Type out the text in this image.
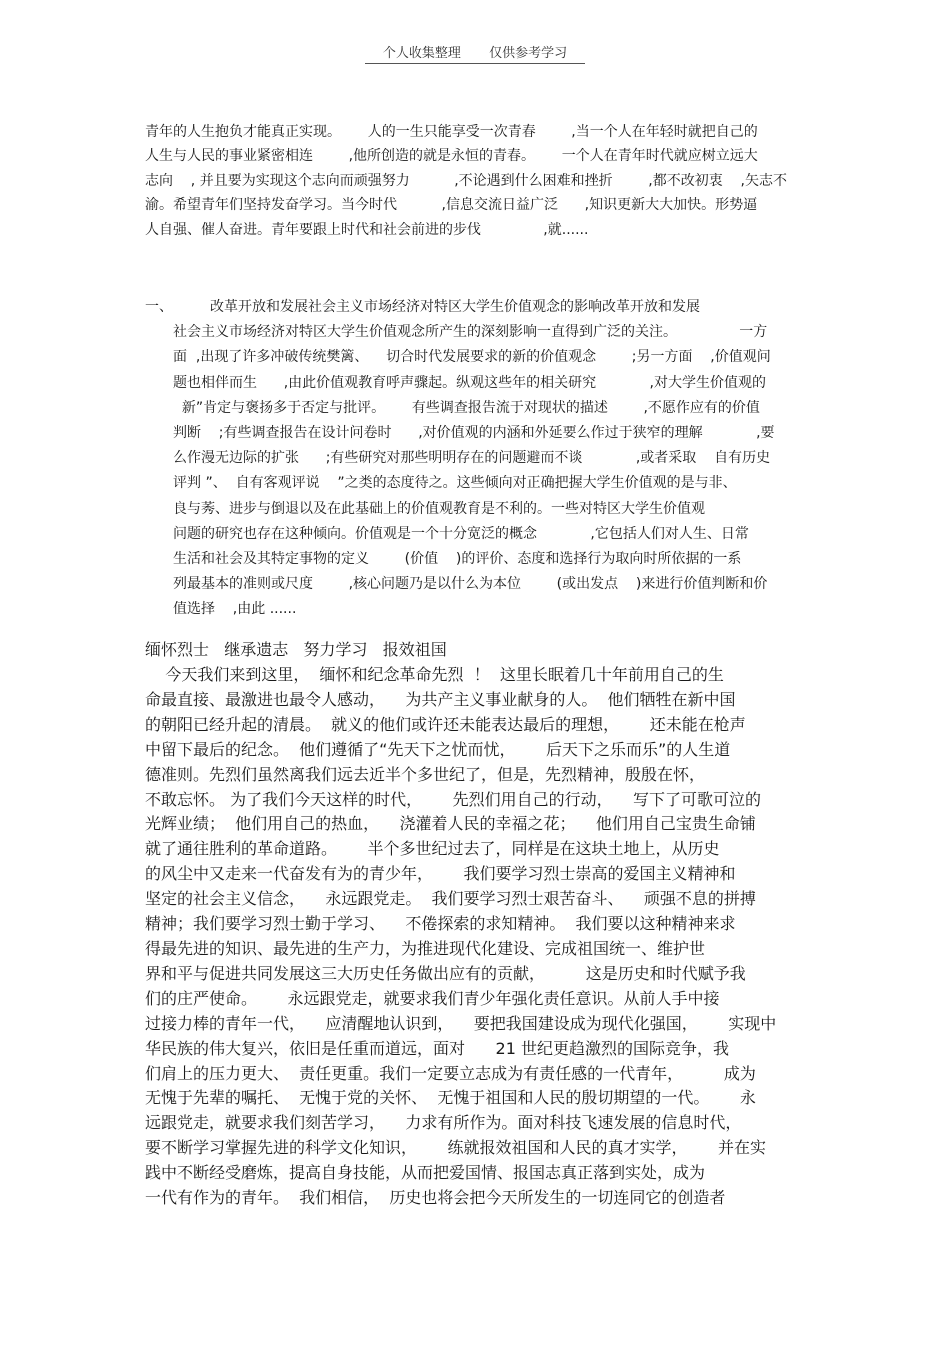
个人收集整理 仅供参考学习
青年的人生抱负才能真正实现。      人的一生只能享受一次青春        ,当一个人在年轻时就把自己的
人生与人民的事业紧密相连        ,他所创造的就是永恒的青春。      一个人在青年时代就应树立远大
志向    , 并且要为实现这个志向而顽强努力          ,不论遇到什么困难和挫折        ,都不改初衷    ,矢志不
渝。希望青年们坚持发奋学习。当今时代          ,信息交流日益广泛      ,知识更新大大加快。形势逼
人自强、催人奋进。青年要跟上时代和社会前进的步伐              ,就......
一、	改革开放和发展社会主义市场经济对特区大学生价值观念的影响改革开放和发展
社会主义市场经济对特区大学生价值观念所产生的深刻影响一直得到广泛的关注。              一方
面  ,出现了许多冲破传统樊篱、    切合时代发展要求的新的价值观念        ;另一方面    ,价值观问
题也相伴而生      ,由此价值观教育呼声骤起。纵观这些年的相关研究            ,对大学生价值观的
新”肯定与褒扬多于否定与批评。      有些调查报告流于对现状的描述        ,不愿作应有的价值
判断    ;有些调查报告在设计问卷时      ,对价值观的内涵和外延要么作过于狭窄的理解            ,要
么作漫无边际的扩张      ;有些研究对那些明明存在的问题避而不谈            ,或者采取    自有历史
评判 ”、  自有客观评说    ”之类的态度待之。这些倾向对正确把握大学生价值观的是与非、
良与莠、进步与倒退以及在此基础上的价值观教育是不利的。一些对特区大学生价值观
问题的研究也存在这种倾向。价值观是一个十分宽泛的概念            ,它包括人们对人生、日常
生活和社会及其特定事物的定义        (价值    )的评价、态度和选择行为取向时所依据的一系
列最基本的准则或尺度        ,核心问题乃是以什么为本位        (或出发点    )来进行价值判断和价
值选择    ,由此 ......
缅怀烈士   继承遗志   努力学习   报效祖国
今天我们来到这里，  缅怀和纪念革命先烈  ！  这里长眠着几十年前用自己的生
命最直接、最激进也最令人感动，    为共产主义事业献身的人。  他们牺牲在新中国
的朝阳已经升起的清晨。  就义的他们或许还未能表达最后的理想，      还未能在枪声
中留下最后的纪念。  他们遵循了“先天下之忧而忧，      后天下之乐而乐”的人生道
德准则。先烈们虽然离我们远去近半个多世纪了，但是，先烈精神，殷殷在怀，
不敢忘怀。 为了我们今天这样的时代，      先烈们用自己的行动，    写下了可歌可泣的
光辉业绩；  他们用自己的热血，    浇灌着人民的幸福之花；    他们用自己宝贵生命铺
就了通往胜利的革命道路。      半个多世纪过去了，同样是在这块土地上，从历史
的风尘中又走来一代奋发有为的青少年，      我们要学习烈士崇高的爱国主义精神和
坚定的社会主义信念，    永远跟党走。  我们要学习烈士艰苦奋斗、    顽强不息的拼搏
精神；我们要学习烈士勤于学习、    不倦探索的求知精神。  我们要以这种精神来求
得最先进的知识、最先进的生产力，为推进现代化建设、完成祖国统一、维护世
界和平与促进共同发展这三大历史任务做出应有的贡献，        这是历史和时代赋予我
们的庄严使命。      永远跟党走，就要求我们青少年强化责任意识。从前人手中接
过接力棒的青年一代，    应清醒地认识到，    要把我国建设成为现代化强国，      实现中
华民族的伟大复兴，依旧是任重而道远，面对      21 世纪更趋激烈的国际竞争，我
们肩上的压力更大、  责任更重。我们一定要立志成为有责任感的一代青年，        成为
无愧于先辈的嘱托、  无愧于党的关怀、  无愧于祖国和人民的殷切期望的一代。      永
远跟党走，就要求我们刻苦学习，    力求有所作为。面对科技飞速发展的信息时代，
要不断学习掌握先进的科学文化知识，      练就报效祖国和人民的真才实学，      并在实
践中不断经受磨炼，提高自身技能，从而把爱国情、报国志真正落到实处，成为
一代有作为的青年。  我们相信，  历史也将会把今天所发生的一切连同它的创造者
